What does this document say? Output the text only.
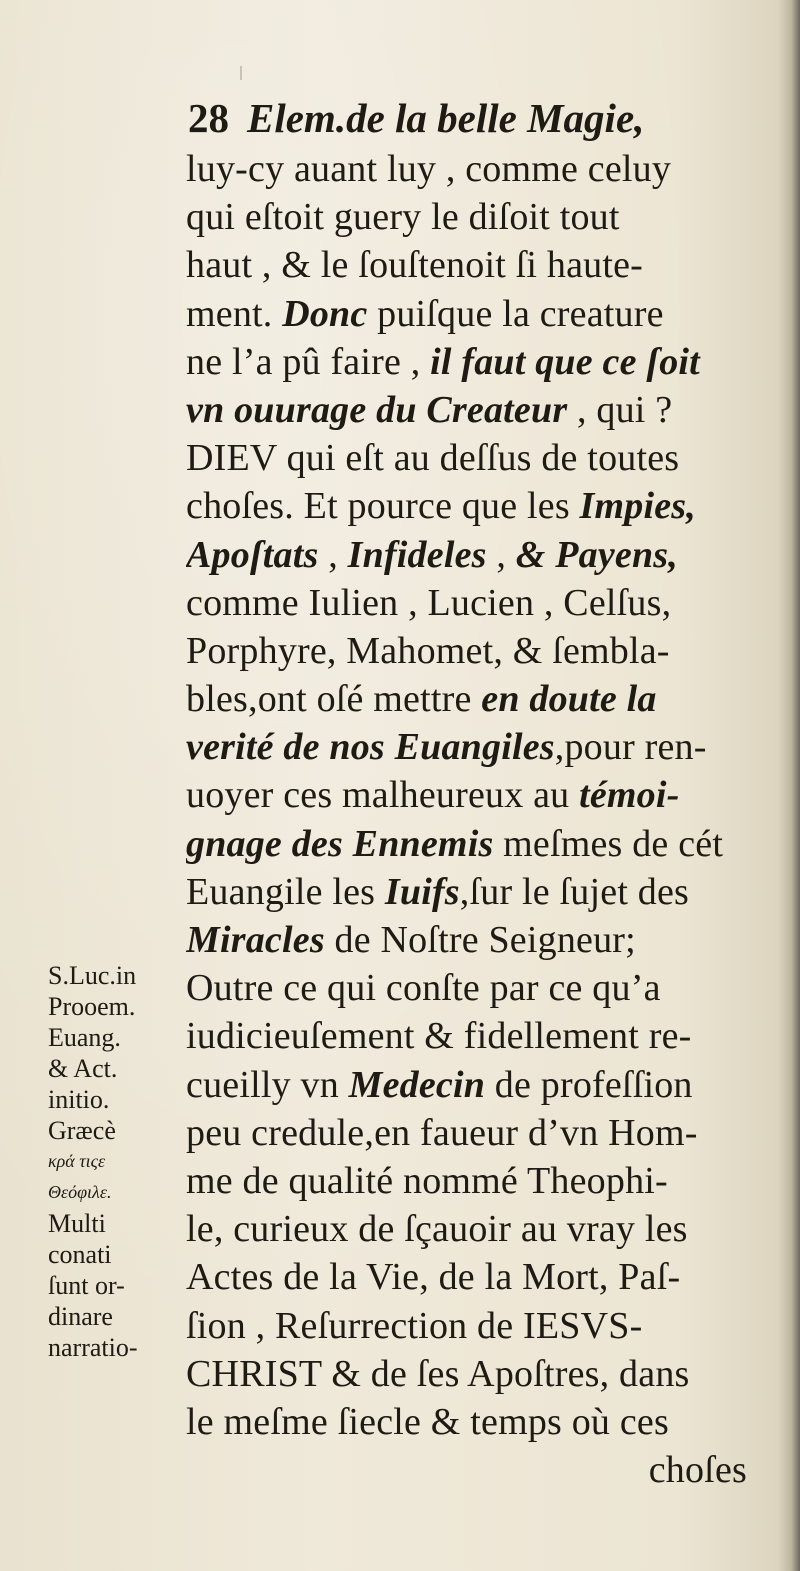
28 Elem.de la belle Magie,
luy-cy auant luy , comme celuy
qui eſtoit guery le diſoit tout
haut , & le ſouſtenoit ſi haute-
ment. Donc puiſque la creature
ne l’a pû faire , il faut que ce ſoit
vn ouurage du Createur , qui ?
DIEV qui eſt au deſſus de toutes
choſes. Et pource que les Impies,
Apoſtats , Infideles , & Payens,
comme Iulien , Lucien , Celſus,
Porphyre, Mahomet, & ſembla-
bles,ont oſé mettre en doute la
verité de nos Euangiles,pour ren-
uoyer ces malheureux au témoi-
gnage des Ennemis meſmes de cét
Euangile les Iuifs,ſur le ſujet des
Miracles de Noſtre Seigneur;
Outre ce qui conſte par ce qu’a
iudicieuſement & fidellement re-
cueilly vn Medecin de profeſſion
peu credule,en faueur d’vn Hom-
me de qualité nommé Theophi-
le, curieux de ſçauoir au vray les
Actes de la Vie, de la Mort, Paſ-
ſion , Reſurrection de IESVS-
CHRIST & de ſes Apoſtres, dans
le meſme ſiecle & temps où ces
choſes
S.Luc.in
Prooem.
Euang.
& Act.
initio.
Græcè
κρά τιςε
Θεόφιλε.
Multi
conati
ſunt or-
dinare
narratio-
